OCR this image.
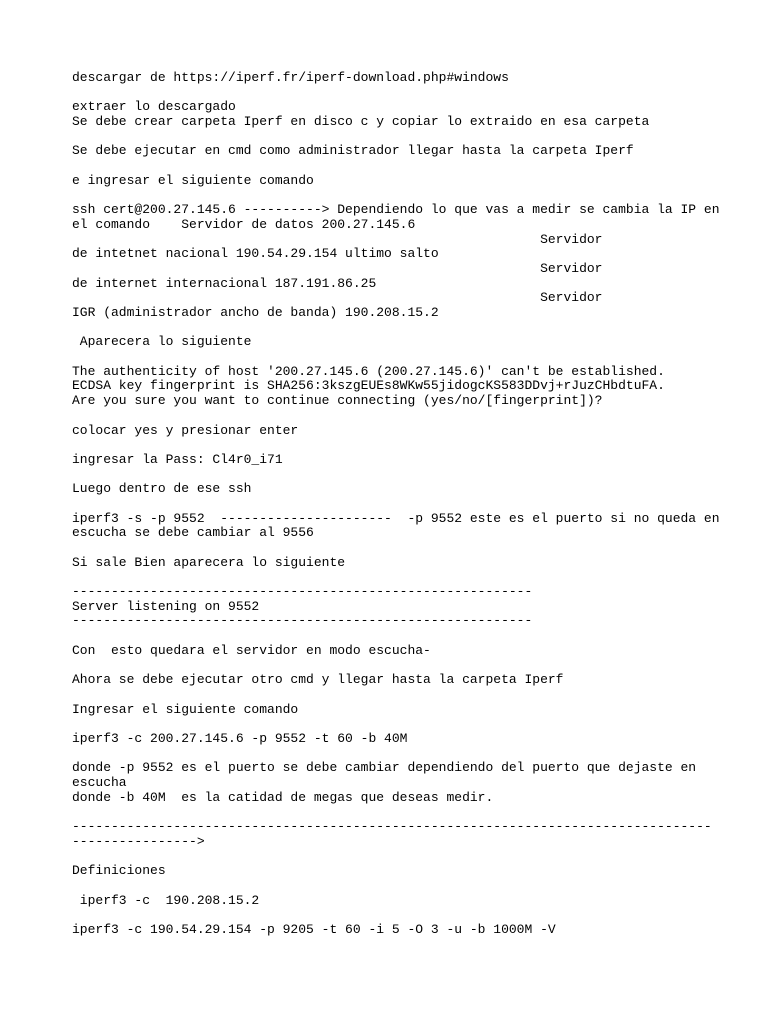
descargar de https://iperf.fr/iperf-download.php#windows
extraer lo descargado
Se debe crear carpeta Iperf en disco c y copiar lo extraido en esa carpeta
Se debe ejecutar en cmd como administrador llegar hasta la carpeta Iperf
e ingresar el siguiente comando
ssh cert@200.27.145.6 ----------> Dependiendo lo que vas a medir se cambia la IP en
el comando    Servidor de datos 200.27.145.6
Servidor
de intetnet nacional 190.54.29.154 ultimo salto
Servidor
de internet internacional 187.191.86.25
Servidor
IGR (administrador ancho de banda) 190.208.15.2
Aparecera lo siguiente
The authenticity of host '200.27.145.6 (200.27.145.6)' can't be established.
ECDSA key fingerprint is SHA256:3kszgEUEs8WKw55jidogcKS583DDvj+rJuzCHbdtuFA.
Are you sure you want to continue connecting (yes/no/[fingerprint])?
colocar yes y presionar enter
ingresar la Pass: Cl4r0_i71
Luego dentro de ese ssh
iperf3 -s -p 9552  ----------------------  -p 9552 este es el puerto si no queda en
escucha se debe cambiar al 9556
Si sale Bien aparecera lo siguiente
-----------------------------------------------------------
Server listening on 9552
-----------------------------------------------------------
Con  esto quedara el servidor en modo escucha-
Ahora se debe ejecutar otro cmd y llegar hasta la carpeta Iperf
Ingresar el siguiente comando
iperf3 -c 200.27.145.6 -p 9552 -t 60 -b 40M
donde -p 9552 es el puerto se debe cambiar dependiendo del puerto que dejaste en
escucha
donde -b 40M  es la catidad de megas que deseas medir.
----------------------------------------------------------------------------------
---------------->
Definiciones
iperf3 -c  190.208.15.2
iperf3 -c 190.54.29.154 -p 9205 -t 60 -i 5 -O 3 -u -b 1000M -V
